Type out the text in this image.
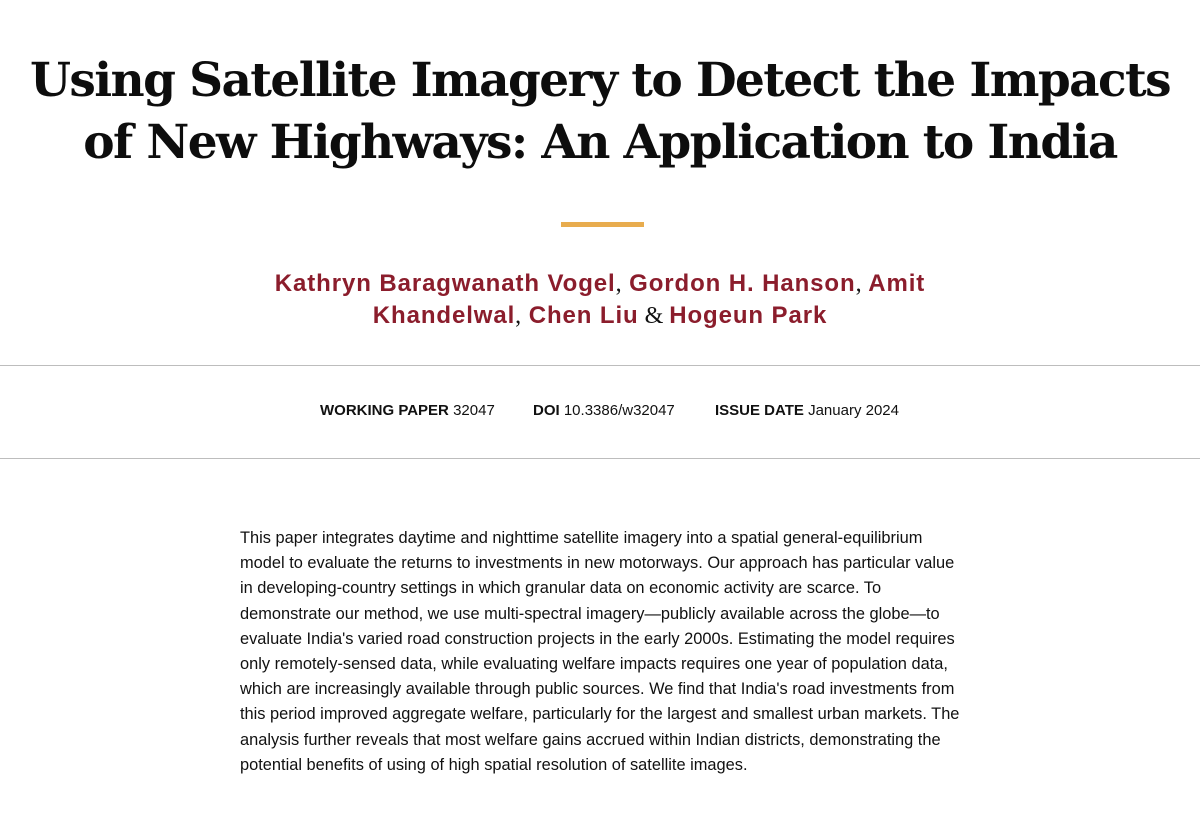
Using Satellite Imagery to Detect the Impacts of New Highways: An Application to India
Kathryn Baragwanath Vogel, Gordon H. Hanson, Amit Khandelwal, Chen Liu & Hogeun Park
WORKING PAPER 32047	DOI 10.3386/w32047	ISSUE DATE January 2024

This paper integrates daytime and nighttime satellite imagery into a spatial general-equilibrium model to evaluate the returns to investments in new motorways. Our approach has particular value in developing-country settings in which granular data on economic activity are scarce. To demonstrate our method, we use multi-spectral imagery—publicly available across the globe—to evaluate India's varied road construction projects in the early 2000s. Estimating the model requires only remotely-sensed data, while evaluating welfare impacts requires one year of population data, which are increasingly available through public sources. We find that India's road investments from this period improved aggregate welfare, particularly for the largest and smallest urban markets. The analysis further reveals that most welfare gains accrued within Indian districts, demonstrating the potential benefits of using of high spatial resolution of satellite images.
